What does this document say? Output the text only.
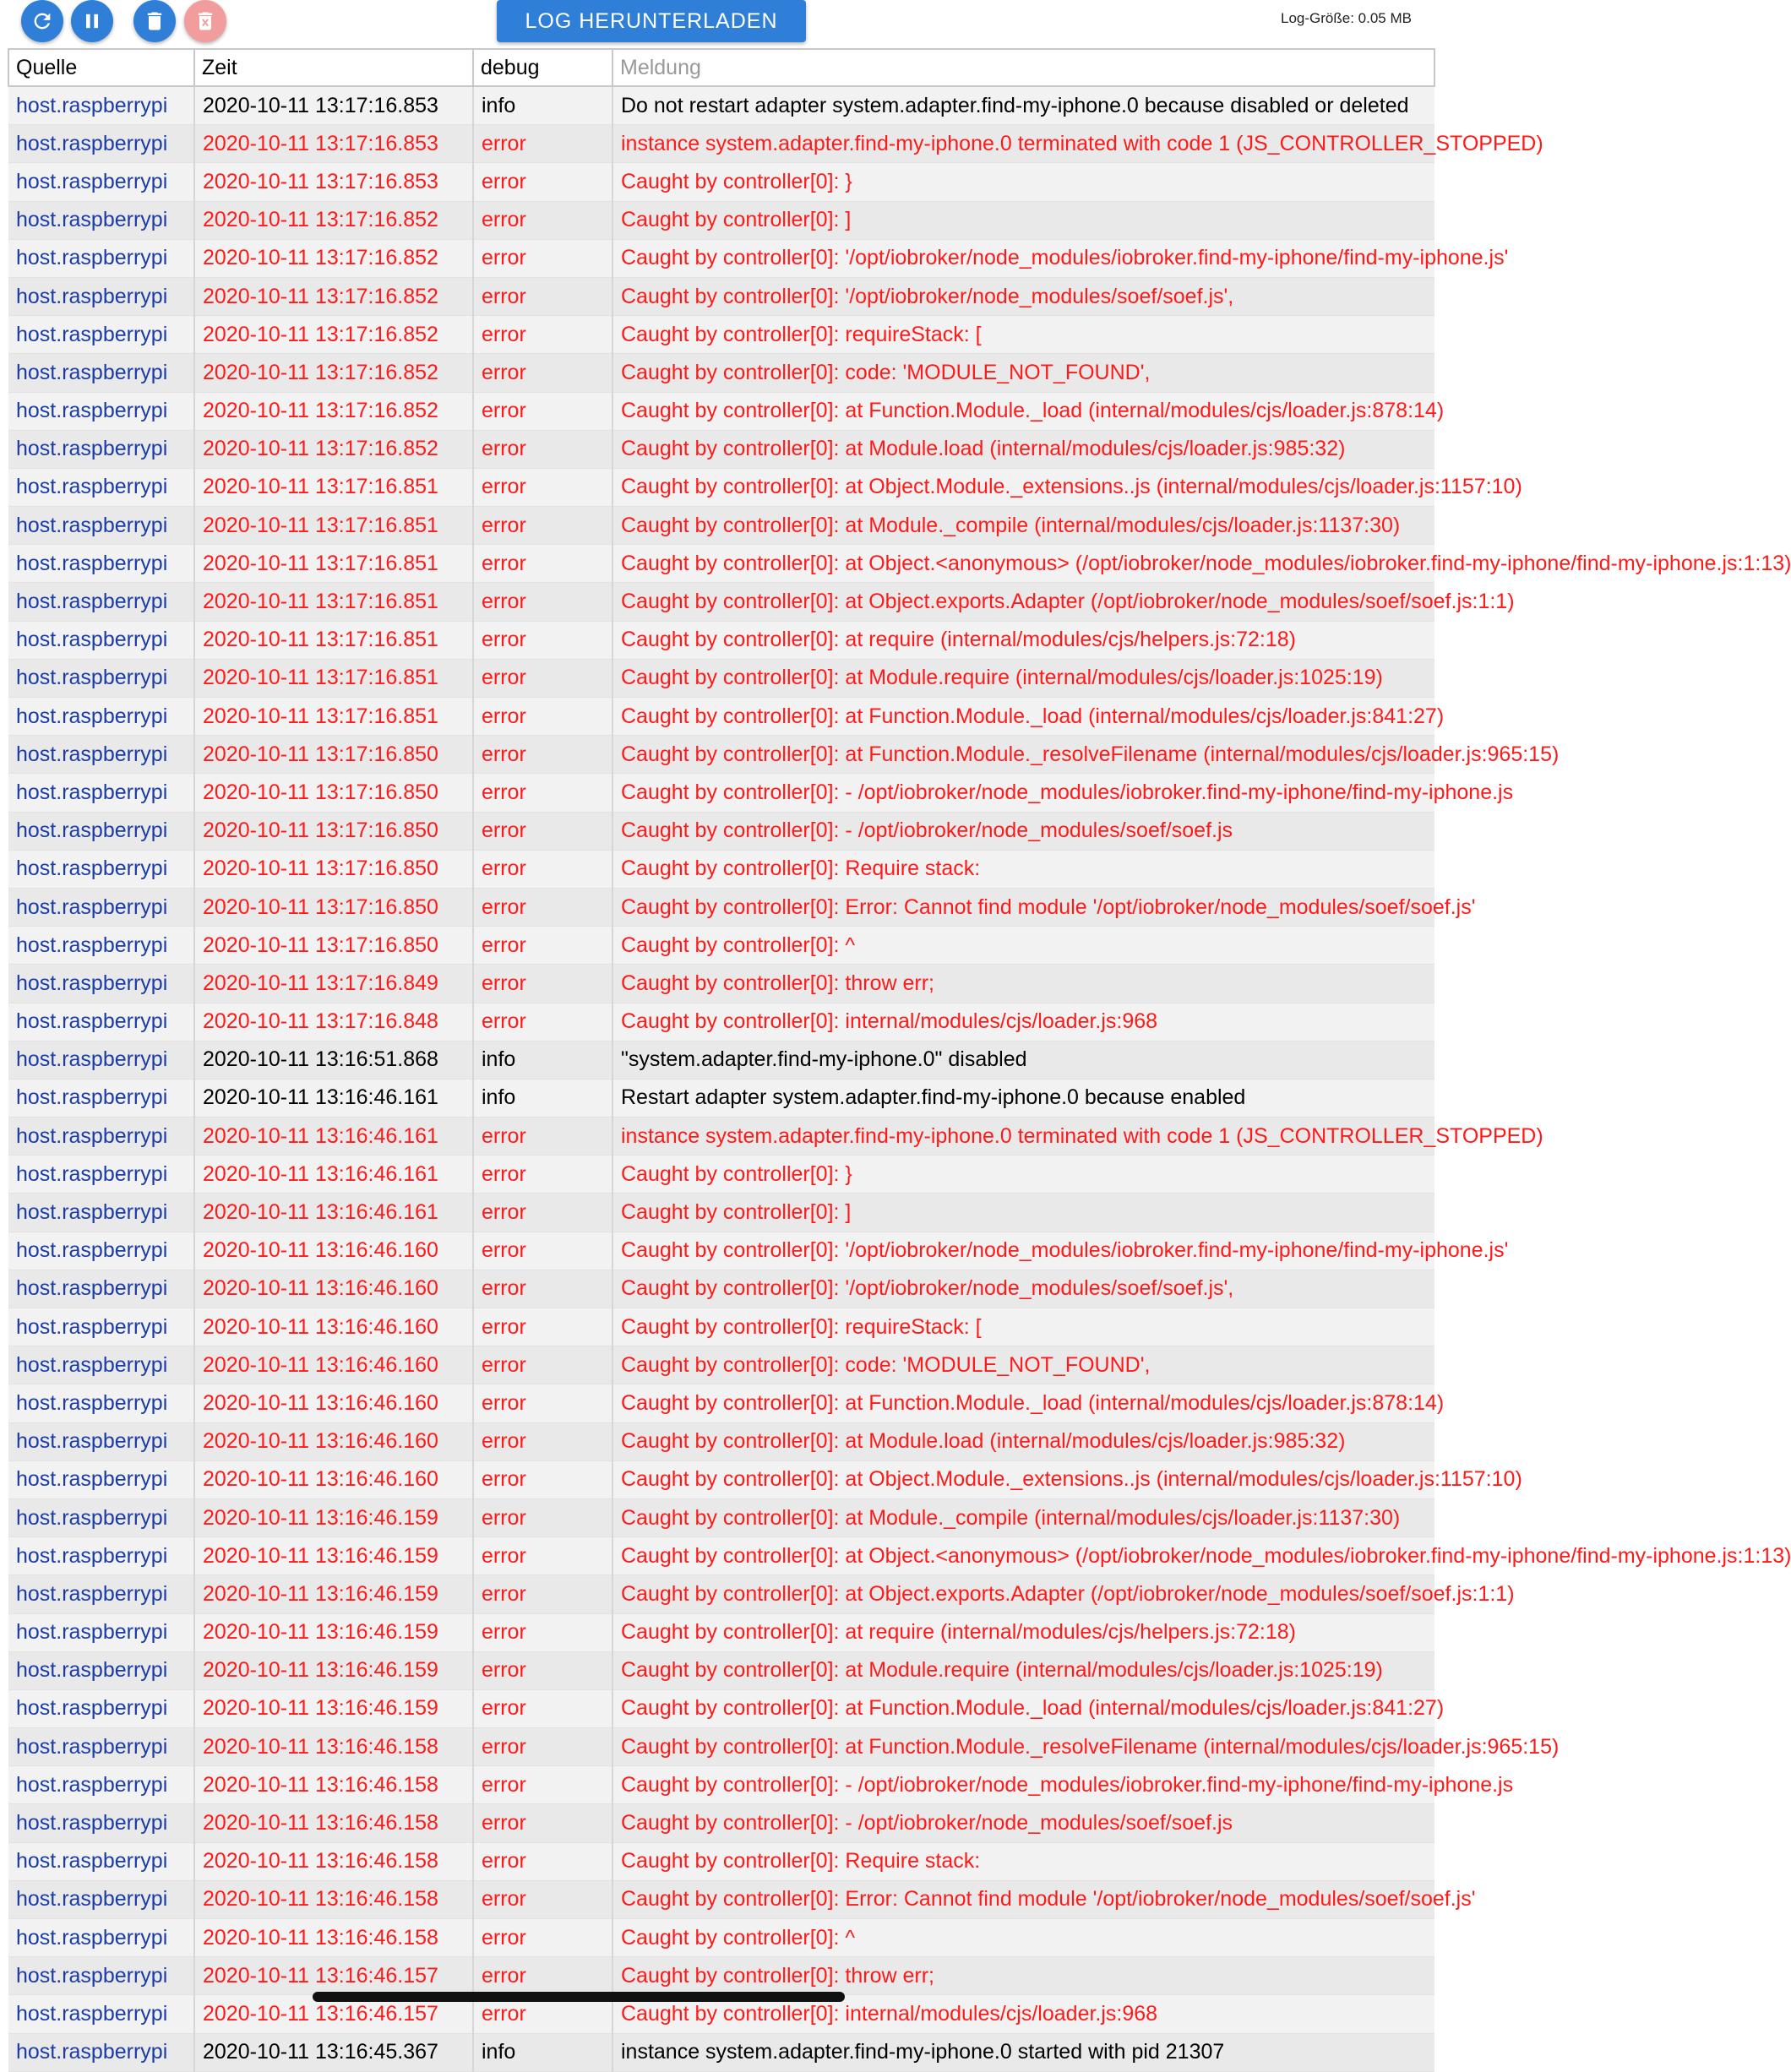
LOG HERUNTERLADEN	Log-Größe: 0.05 MB
Quelle	Zeit	debug	Meldung
host.raspberrypi	2020-10-11 13:17:16.853	info	Do not restart adapter system.adapter.find-my-iphone.0 because disabled or deleted
host.raspberrypi	2020-10-11 13:17:16.853	error	instance system.adapter.find-my-iphone.0 terminated with code 1 (JS_CONTROLLER_STOPPED)
host.raspberrypi	2020-10-11 13:17:16.853	error	Caught by controller[0]: }
host.raspberrypi	2020-10-11 13:17:16.852	error	Caught by controller[0]: ]
host.raspberrypi	2020-10-11 13:17:16.852	error	Caught by controller[0]: '/opt/iobroker/node_modules/iobroker.find-my-iphone/find-my-iphone.js'
host.raspberrypi	2020-10-11 13:17:16.852	error	Caught by controller[0]: '/opt/iobroker/node_modules/soef/soef.js',
host.raspberrypi	2020-10-11 13:17:16.852	error	Caught by controller[0]: requireStack: [
host.raspberrypi	2020-10-11 13:17:16.852	error	Caught by controller[0]: code: 'MODULE_NOT_FOUND',
host.raspberrypi	2020-10-11 13:17:16.852	error	Caught by controller[0]: at Function.Module._load (internal/modules/cjs/loader.js:878:14)
host.raspberrypi	2020-10-11 13:17:16.852	error	Caught by controller[0]: at Module.load (internal/modules/cjs/loader.js:985:32)
host.raspberrypi	2020-10-11 13:17:16.851	error	Caught by controller[0]: at Object.Module._extensions..js (internal/modules/cjs/loader.js:1157:10)
host.raspberrypi	2020-10-11 13:17:16.851	error	Caught by controller[0]: at Module._compile (internal/modules/cjs/loader.js:1137:30)
host.raspberrypi	2020-10-11 13:17:16.851	error	Caught by controller[0]: at Object.<anonymous> (/opt/iobroker/node_modules/iobroker.find-my-iphone/find-my-iphone.js:1:13)
host.raspberrypi	2020-10-11 13:17:16.851	error	Caught by controller[0]: at Object.exports.Adapter (/opt/iobroker/node_modules/soef/soef.js:1:1)
host.raspberrypi	2020-10-11 13:17:16.851	error	Caught by controller[0]: at require (internal/modules/cjs/helpers.js:72:18)
host.raspberrypi	2020-10-11 13:17:16.851	error	Caught by controller[0]: at Module.require (internal/modules/cjs/loader.js:1025:19)
host.raspberrypi	2020-10-11 13:17:16.851	error	Caught by controller[0]: at Function.Module._load (internal/modules/cjs/loader.js:841:27)
host.raspberrypi	2020-10-11 13:17:16.850	error	Caught by controller[0]: at Function.Module._resolveFilename (internal/modules/cjs/loader.js:965:15)
host.raspberrypi	2020-10-11 13:17:16.850	error	Caught by controller[0]: - /opt/iobroker/node_modules/iobroker.find-my-iphone/find-my-iphone.js
host.raspberrypi	2020-10-11 13:17:16.850	error	Caught by controller[0]: - /opt/iobroker/node_modules/soef/soef.js
host.raspberrypi	2020-10-11 13:17:16.850	error	Caught by controller[0]: Require stack:
host.raspberrypi	2020-10-11 13:17:16.850	error	Caught by controller[0]: Error: Cannot find module '/opt/iobroker/node_modules/soef/soef.js'
host.raspberrypi	2020-10-11 13:17:16.850	error	Caught by controller[0]: ^
host.raspberrypi	2020-10-11 13:17:16.849	error	Caught by controller[0]: throw err;
host.raspberrypi	2020-10-11 13:17:16.848	error	Caught by controller[0]: internal/modules/cjs/loader.js:968
host.raspberrypi	2020-10-11 13:16:51.868	info	"system.adapter.find-my-iphone.0" disabled
host.raspberrypi	2020-10-11 13:16:46.161	info	Restart adapter system.adapter.find-my-iphone.0 because enabled
host.raspberrypi	2020-10-11 13:16:46.161	error	instance system.adapter.find-my-iphone.0 terminated with code 1 (JS_CONTROLLER_STOPPED)
host.raspberrypi	2020-10-11 13:16:46.161	error	Caught by controller[0]: }
host.raspberrypi	2020-10-11 13:16:46.161	error	Caught by controller[0]: ]
host.raspberrypi	2020-10-11 13:16:46.160	error	Caught by controller[0]: '/opt/iobroker/node_modules/iobroker.find-my-iphone/find-my-iphone.js'
host.raspberrypi	2020-10-11 13:16:46.160	error	Caught by controller[0]: '/opt/iobroker/node_modules/soef/soef.js',
host.raspberrypi	2020-10-11 13:16:46.160	error	Caught by controller[0]: requireStack: [
host.raspberrypi	2020-10-11 13:16:46.160	error	Caught by controller[0]: code: 'MODULE_NOT_FOUND',
host.raspberrypi	2020-10-11 13:16:46.160	error	Caught by controller[0]: at Function.Module._load (internal/modules/cjs/loader.js:878:14)
host.raspberrypi	2020-10-11 13:16:46.160	error	Caught by controller[0]: at Module.load (internal/modules/cjs/loader.js:985:32)
host.raspberrypi	2020-10-11 13:16:46.160	error	Caught by controller[0]: at Object.Module._extensions..js (internal/modules/cjs/loader.js:1157:10)
host.raspberrypi	2020-10-11 13:16:46.159	error	Caught by controller[0]: at Module._compile (internal/modules/cjs/loader.js:1137:30)
host.raspberrypi	2020-10-11 13:16:46.159	error	Caught by controller[0]: at Object.<anonymous> (/opt/iobroker/node_modules/iobroker.find-my-iphone/find-my-iphone.js:1:13)
host.raspberrypi	2020-10-11 13:16:46.159	error	Caught by controller[0]: at Object.exports.Adapter (/opt/iobroker/node_modules/soef/soef.js:1:1)
host.raspberrypi	2020-10-11 13:16:46.159	error	Caught by controller[0]: at require (internal/modules/cjs/helpers.js:72:18)
host.raspberrypi	2020-10-11 13:16:46.159	error	Caught by controller[0]: at Module.require (internal/modules/cjs/loader.js:1025:19)
host.raspberrypi	2020-10-11 13:16:46.159	error	Caught by controller[0]: at Function.Module._load (internal/modules/cjs/loader.js:841:27)
host.raspberrypi	2020-10-11 13:16:46.158	error	Caught by controller[0]: at Function.Module._resolveFilename (internal/modules/cjs/loader.js:965:15)
host.raspberrypi	2020-10-11 13:16:46.158	error	Caught by controller[0]: - /opt/iobroker/node_modules/iobroker.find-my-iphone/find-my-iphone.js
host.raspberrypi	2020-10-11 13:16:46.158	error	Caught by controller[0]: - /opt/iobroker/node_modules/soef/soef.js
host.raspberrypi	2020-10-11 13:16:46.158	error	Caught by controller[0]: Require stack:
host.raspberrypi	2020-10-11 13:16:46.158	error	Caught by controller[0]: Error: Cannot find module '/opt/iobroker/node_modules/soef/soef.js'
host.raspberrypi	2020-10-11 13:16:46.158	error	Caught by controller[0]: ^
host.raspberrypi	2020-10-11 13:16:46.157	error	Caught by controller[0]: throw err;
host.raspberrypi	2020-10-11 13:16:46.157	error	Caught by controller[0]: internal/modules/cjs/loader.js:968
host.raspberrypi	2020-10-11 13:16:45.367	info	instance system.adapter.find-my-iphone.0 started with pid 21307
